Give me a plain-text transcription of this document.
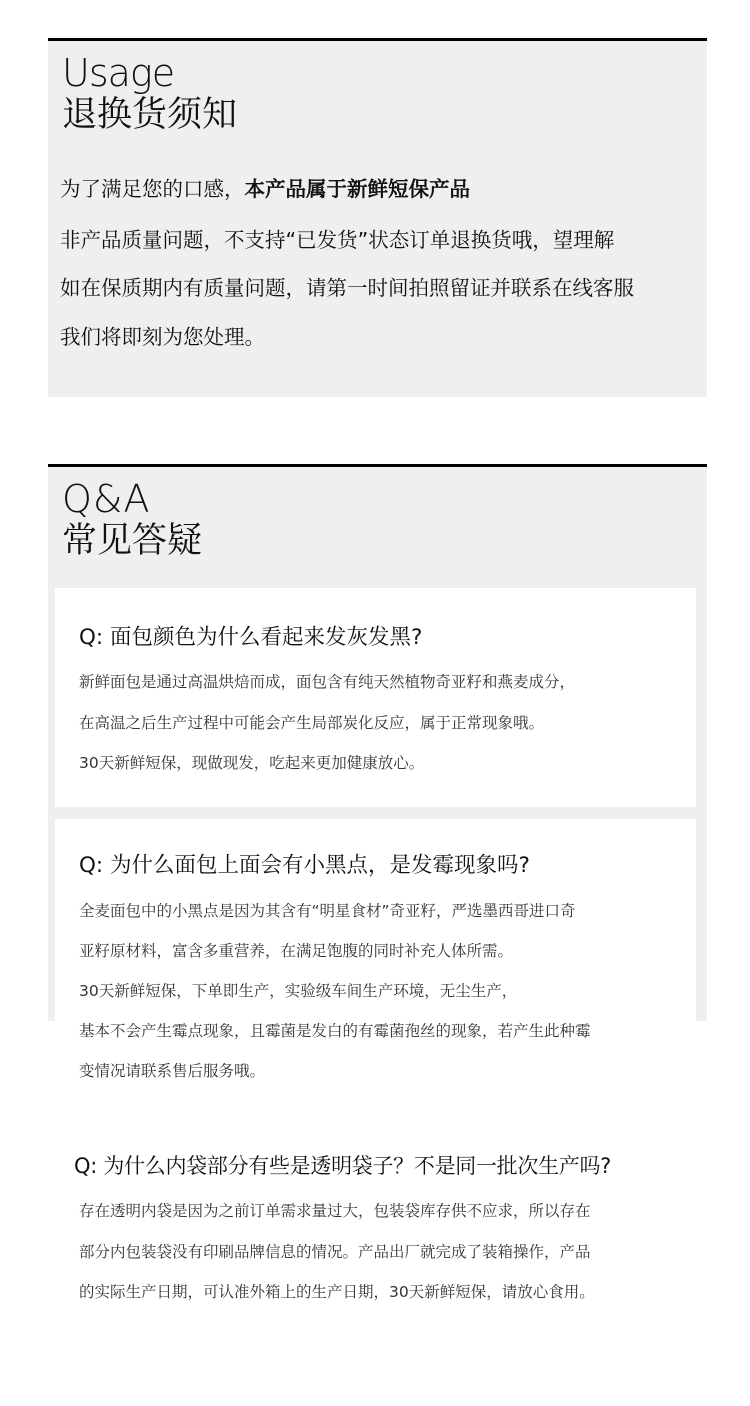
Usage
退换货须知
为了满足您的口感，本产品属于新鲜短保产品
非产品质量问题，不支持“已发货”状态订单退换货哦，望理解
如在保质期内有质量问题，请第一时间拍照留证并联系在线客服
我们将即刻为您处理。
Q&A
常见答疑
Q: 面包颜色为什么看起来发灰发黑?
新鲜面包是通过高温烘焙而成，面包含有纯天然植物奇亚籽和燕麦成分，
在高温之后生产过程中可能会产生局部炭化反应，属于正常现象哦。
30天新鲜短保，现做现发，吃起来更加健康放心。
Q: 为什么面包上面会有小黑点，是发霉现象吗?
全麦面包中的小黑点是因为其含有“明星食材”奇亚籽，严选墨西哥进口奇
亚籽原材料，富含多重营养，在满足饱腹的同时补充人体所需。
30天新鲜短保，下单即生产，实验级车间生产环境，无尘生产，
基本不会产生霉点现象，且霉菌是发白的有霉菌孢丝的现象，若产生此种霉
变情况请联系售后服务哦。
Q: 为什么内袋部分有些是透明袋子？不是同一批次生产吗?
存在透明内袋是因为之前订单需求量过大，包装袋库存供不应求，所以存在
部分内包装袋没有印刷品牌信息的情况。产品出厂就完成了装箱操作，产品
的实际生产日期，可认准外箱上的生产日期，30天新鲜短保，请放心食用。
